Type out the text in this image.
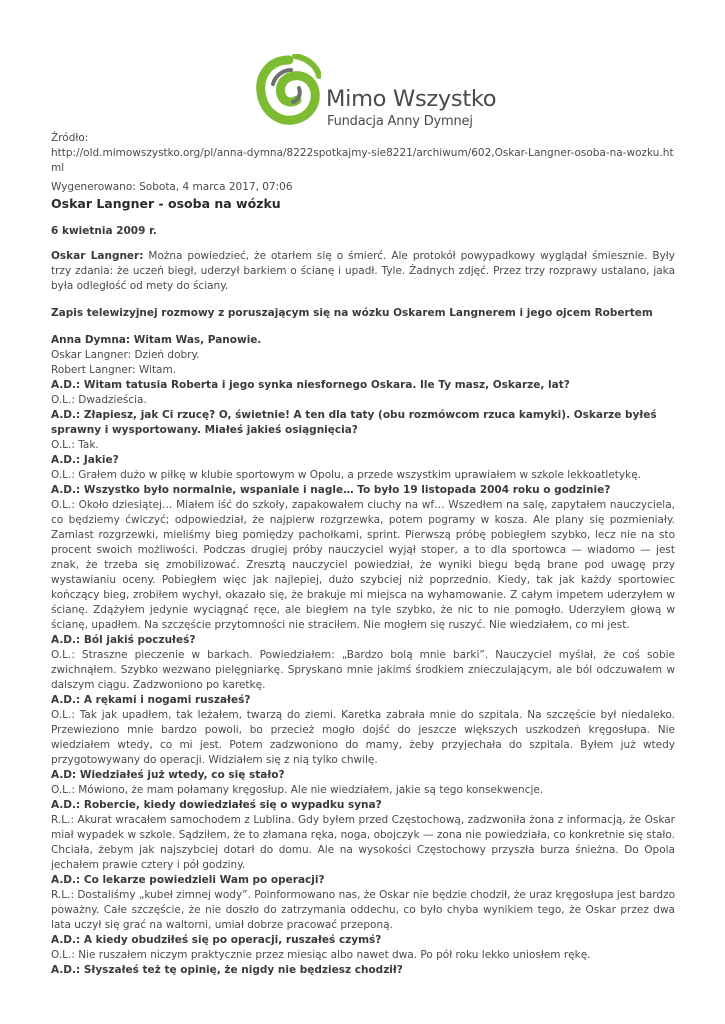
Mimo Wszystko
Fundacja Anny Dymnej
Źródło:
http://old.mimowszystko.org/pl/anna-dymna/8222spotkajmy-sie8221/archiwum/602,Oskar-Langner-osoba-na-wozku.html
Wygenerowano: Sobota, 4 marca 2017, 07:06
Oskar Langner - osoba na wózku
6 kwietnia 2009 r.

Oskar Langner: Można powiedzieć, że otarłem się o śmierć. Ale protokół powypadkowy wyglądał śmiesznie. Były trzy zdania: że uczeń biegł, uderzył barkiem o ścianę i upadł. Tyle. Żadnych zdjęć. Przez trzy rozprawy ustalano, jaka była odległość od mety do ściany.

Zapis telewizyjnej rozmowy z poruszającym się na wózku Oskarem Langnerem i jego ojcem Robertem

Anna Dymna: Witam Was, Panowie.

Oskar Langner: Dzień dobry.

Robert Langner: Witam.

A.D.: Witam tatusia Roberta i jego synka niesfornego Oskara. Ile Ty masz, Oskarze, lat?

O.L.: Dwadzieścia.

A.D.: Złapiesz, jak Ci rzucę? O, świetnie! A ten dla taty (obu rozmówcom rzuca kamyki). Oskarze byłeś sprawny i wysportowany. Miałeś jakieś osiągnięcia?

O.L.: Tak.

A.D.: Jakie?

O.L.: Grałem dużo w piłkę w klubie sportowym w Opolu, a przede wszystkim uprawiałem w szkole lekkoatletykę.

A.D.: Wszystko było normalnie, wspaniale i nagle… To było 19 listopada 2004 roku o godzinie?

O.L.: Około dziesiątej… Miałem iść do szkoły, zapakowałem ciuchy na wf… Wszedłem na salę, zapytałem nauczyciela, co będziemy ćwiczyć; odpowiedział, że najpierw rozgrzewka, potem pogramy w kosza. Ale plany się pozmieniały. Zamiast rozgrzewki, mieliśmy bieg pomiędzy pachołkami, sprint. Pierwszą próbę pobiegłem szybko, lecz nie na sto procent swoich możliwości. Podczas drugiej próby nauczyciel wyjął stoper, a to dla sportowca — wiadomo — jest znak, że trzeba się zmobilizować. Zresztą nauczyciel powiedział, że wyniki biegu będą brane pod uwagę przy wystawianiu oceny. Pobiegłem więc jak najlepiej, dużo szybciej niż poprzednio. Kiedy, tak jak każdy sportowiec kończący bieg, zrobiłem wychył, okazało się, że brakuje mi miejsca na wyhamowanie. Z całym impetem uderzyłem w ścianę. Zdążyłem jedynie wyciągnąć ręce, ale biegłem na tyle szybko, że nic to nie pomogło. Uderzyłem głową w ścianę, upadłem. Na szczęście przytomności nie straciłem. Nie mogłem się ruszyć. Nie wiedziałem, co mi jest.

A.D.: Ból jakiś poczułeś?

O.L.: Straszne pieczenie w barkach. Powiedziałem: „Bardzo bolą mnie barki”. Nauczyciel myślał, że coś sobie zwichnąłem. Szybko wezwano pielęgniarkę. Spryskano mnie jakimś środkiem znieczulającym, ale ból odczuwałem w dalszym ciągu. Zadzwoniono po karetkę.

A.D.: A rękami i nogami ruszałeś?

O.L.: Tak jak upadłem, tak leżałem, twarzą do ziemi. Karetka zabrała mnie do szpitala. Na szczęście był niedaleko. Przewieziono mnie bardzo powoli, bo przecież mogło dojść do jeszcze większych uszkodzeń kręgosłupa. Nie wiedziałem wtedy, co mi jest. Potem zadzwoniono do mamy, żeby przyjechała do szpitala. Byłem już wtedy przygotowywany do operacji. Widziałem się z nią tylko chwilę.

A.D: Wiedziałeś już wtedy, co się stało?

O.L.: Mówiono, że mam połamany kręgosłup. Ale nie wiedziałem, jakie są tego konsekwencje.

A.D.: Robercie, kiedy dowiedziałeś się o wypadku syna?

R.L.: Akurat wracałem samochodem z Lublina. Gdy byłem przed Częstochową, zadzwoniła żona z informacją, że Oskar miał wypadek w szkole. Sądziłem, że to złamana ręka, noga, obojczyk — zona nie powiedziała, co konkretnie się stało. Chciała, żebym jak najszybciej dotarł do domu. Ale na wysokości Częstochowy przyszła burza śnieżna. Do Opola jechałem prawie cztery i pół godziny.

A.D.: Co lekarze powiedzieli Wam po operacji?

R.L.: Dostaliśmy „kubeł zimnej wody”. Poinformowano nas, że Oskar nie będzie chodził, że uraz kręgosłupa jest bardzo poważny. Całe szczęście, że nie doszło do zatrzymania oddechu, co było chyba wynikiem tego, że Oskar przez dwa lata uczył się grać na waltorni, umiał dobrze pracować przeponą.

A.D.: A kiedy obudziłeś się po operacji, ruszałeś czymś?

O.L.: Nie ruszałem niczym praktycznie przez miesiąc albo nawet dwa. Po pół roku lekko uniosłem rękę.

A.D.: Słyszałeś też tę opinię, że nigdy nie będziesz chodził?
